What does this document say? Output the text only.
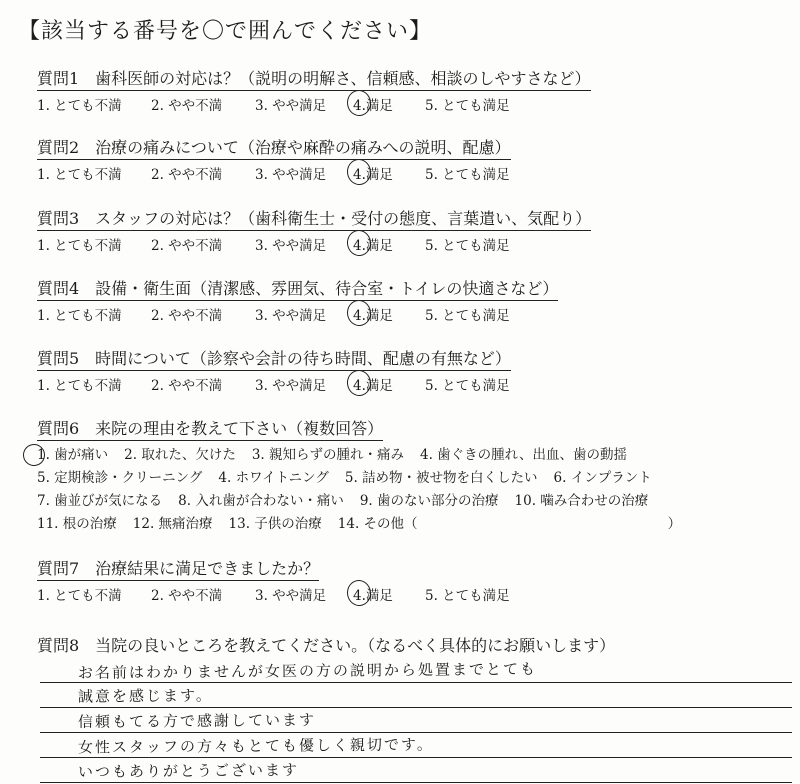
【該当する番号を〇で囲んでください】
質問1　歯科医師の対応は？（説明の明解さ、信頼感、相談のしやすさなど）
1. とても不満	2. やや不満	3. やや満足	4.満足	5. とても満足
質問2　治療の痛みについて（治療や麻酔の痛みへの説明、配慮）
1. とても不満	2. やや不満	3. やや満足	4.満足	5. とても満足
質問3　スタッフの対応は？（歯科衛生士・受付の態度、言葉遣い、気配り）
1. とても不満	2. やや不満	3. やや満足	4.満足	5. とても満足
質問4　設備・衛生面（清潔感、雰囲気、待合室・トイレの快適さなど）
1. とても不満	2. やや不満	3. やや満足	4.満足	5. とても満足
質問5　時間について（診察や会計の待ち時間、配慮の有無など）
1. とても不満	2. やや不満	3. やや満足	4.満足	5. とても満足
質問6　来院の理由を教えて下さい（複数回答）
1. 歯が痛い 2. 取れた、欠けた 3. 親知らずの腫れ・痛み 4. 歯ぐきの腫れ、出血、歯の動揺
5. 定期検診・クリーニング 4. ホワイトニング 5. 詰め物・被せ物を白くしたい 6. インプラント
7. 歯並びが気になる 8. 入れ歯が合わない・痛い 9. 歯のない部分の治療 10. 噛み合わせの治療
11. 根の治療 12. 無痛治療 13. 子供の治療 14. その他（	）
質問7　治療結果に満足できましたか？
1. とても不満	2. やや不満	3. やや満足	4.満足	5. とても満足
質問8　当院の良いところを教えてください。（なるべく具体的にお願いします）
お名前はわかりませんが女医の方の説明から処置までとても
誠意を感じます。
信頼もてる方で感謝しています
女性スタッフの方々もとても優しく親切です。
いつもありがとうございます
